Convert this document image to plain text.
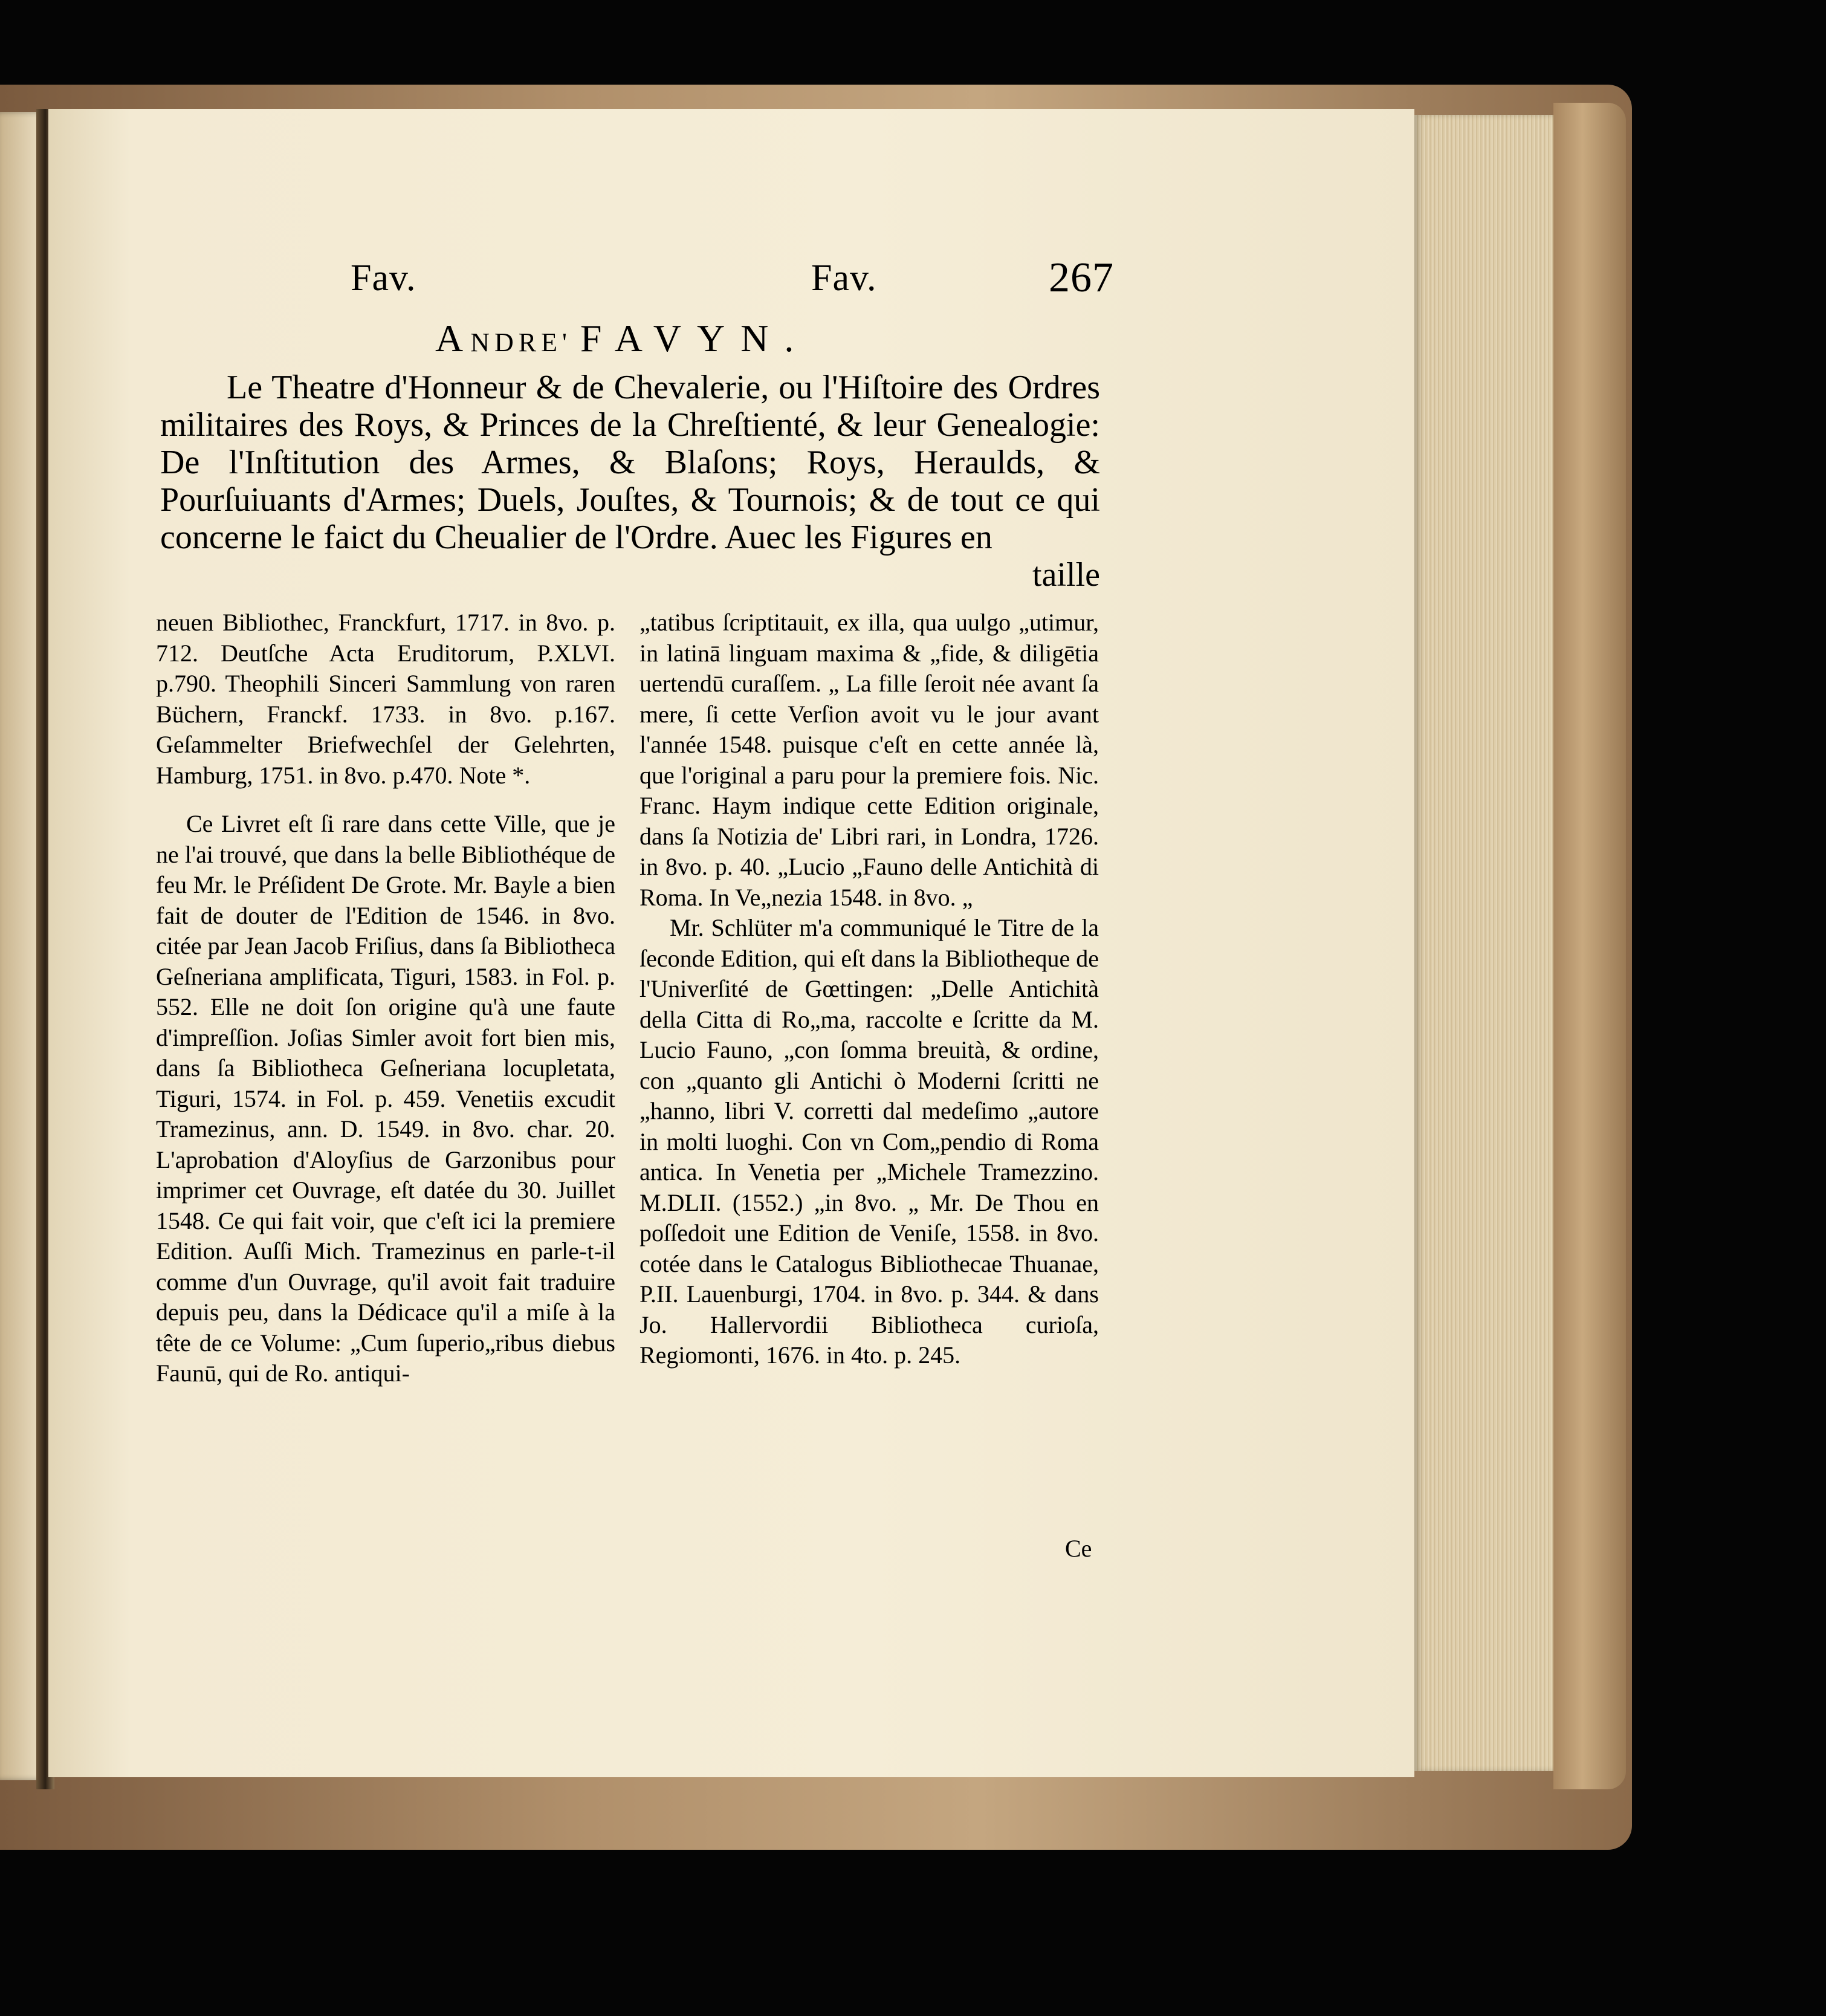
Fav.	Fav.	267
ANDRE' FAVYN.
Le Theatre d'Honneur & de Chevalerie, ou l'Hiſtoire des Ordres militaires des Roys, & Princes de la Chreſtienté, & leur Genealogie: De l'Inſtitution des Armes, & Blaſons; Roys, Heraulds, & Pourſuiuants d'Armes; Duels, Jouſtes, & Tournois; & de tout ce qui concerne le faict du Cheualier de l'Ordre. Auec les Figures en
taille

neuen Bibliothec, Franckfurt, 1717. in 8vo. p. 712. Deutſche Acta Eruditorum, P.XLVI. p.790. Theophili Sinceri Sammlung von raren Büchern, Franckf. 1733. in 8vo. p.167. Geſammelter Briefwechſel der Gelehrten, Hamburg, 1751. in 8vo. p.470. Note *.

Ce Livret eſt ſi rare dans cette Ville, que je ne l'ai trouvé, que dans la belle Bibliothéque de feu Mr. le Préſident De Grote. Mr. Bayle a bien fait de douter de l'Edition de 1546. in 8vo. citée par Jean Jacob Friſius, dans ſa Bibliotheca Geſneriana amplificata, Tiguri, 1583. in Fol. p. 552. Elle ne doit ſon origine qu'à une faute d'impreſſion. Joſias Simler avoit fort bien mis, dans ſa Bibliotheca Geſneriana locupletata, Tiguri, 1574. in Fol. p. 459. Venetiis excudit Tramezinus, ann. D. 1549. in 8vo. char. 20. L'aprobation d'Aloyſius de Garzonibus pour imprimer cet Ouvrage, eſt datée du 30. Juillet 1548. Ce qui fait voir, que c'eſt ici la premiere Edition. Auſſi Mich. Tramezinus en parle-t-il comme d'un Ouvrage, qu'il avoit fait traduire depuis peu, dans la Dédicace qu'il a miſe à la tête de ce Volume: „Cum ſuperio„ribus diebus Faunū, qui de Ro. antiqui-

„tatibus ſcriptitauit, ex illa, qua uulgo „utimur, in latinā linguam maxima & „fide, & diligētia uertendū curaſſem. „ La fille ſeroit née avant ſa mere, ſi cette Verſion avoit vu le jour avant l'année 1548. puisque c'eſt en cette année là, que l'original a paru pour la premiere fois. Nic. Franc. Haym indique cette Edition originale, dans ſa Notizia de' Libri rari, in Londra, 1726. in 8vo. p. 40. „Lucio „Fauno delle Antichità di Roma. In Ve„nezia 1548. in 8vo. „

Mr. Schlüter m'a communiqué le Titre de la ſeconde Edition, qui eſt dans la Bibliotheque de l'Univerſité de Gœttingen: „Delle Antichità della Citta di Ro„ma, raccolte e ſcritte da M. Lucio Fauno, „con ſomma breuità, & ordine, con „quanto gli Antichi ò Moderni ſcritti ne „hanno, libri V. corretti dal medeſimo „autore in molti luoghi. Con vn Com„pendio di Roma antica. In Venetia per „Michele Tramezzino. M.DLII. (1552.) „in 8vo. „ Mr. De Thou en poſſedoit une Edition de Veniſe, 1558. in 8vo. cotée dans le Catalogus Bibliothecae Thuanae, P.II. Lauenburgi, 1704. in 8vo. p. 344. & dans Jo. Hallervordii Bibliotheca curioſa, Regiomonti, 1676. in 4to. p. 245.

Ce
